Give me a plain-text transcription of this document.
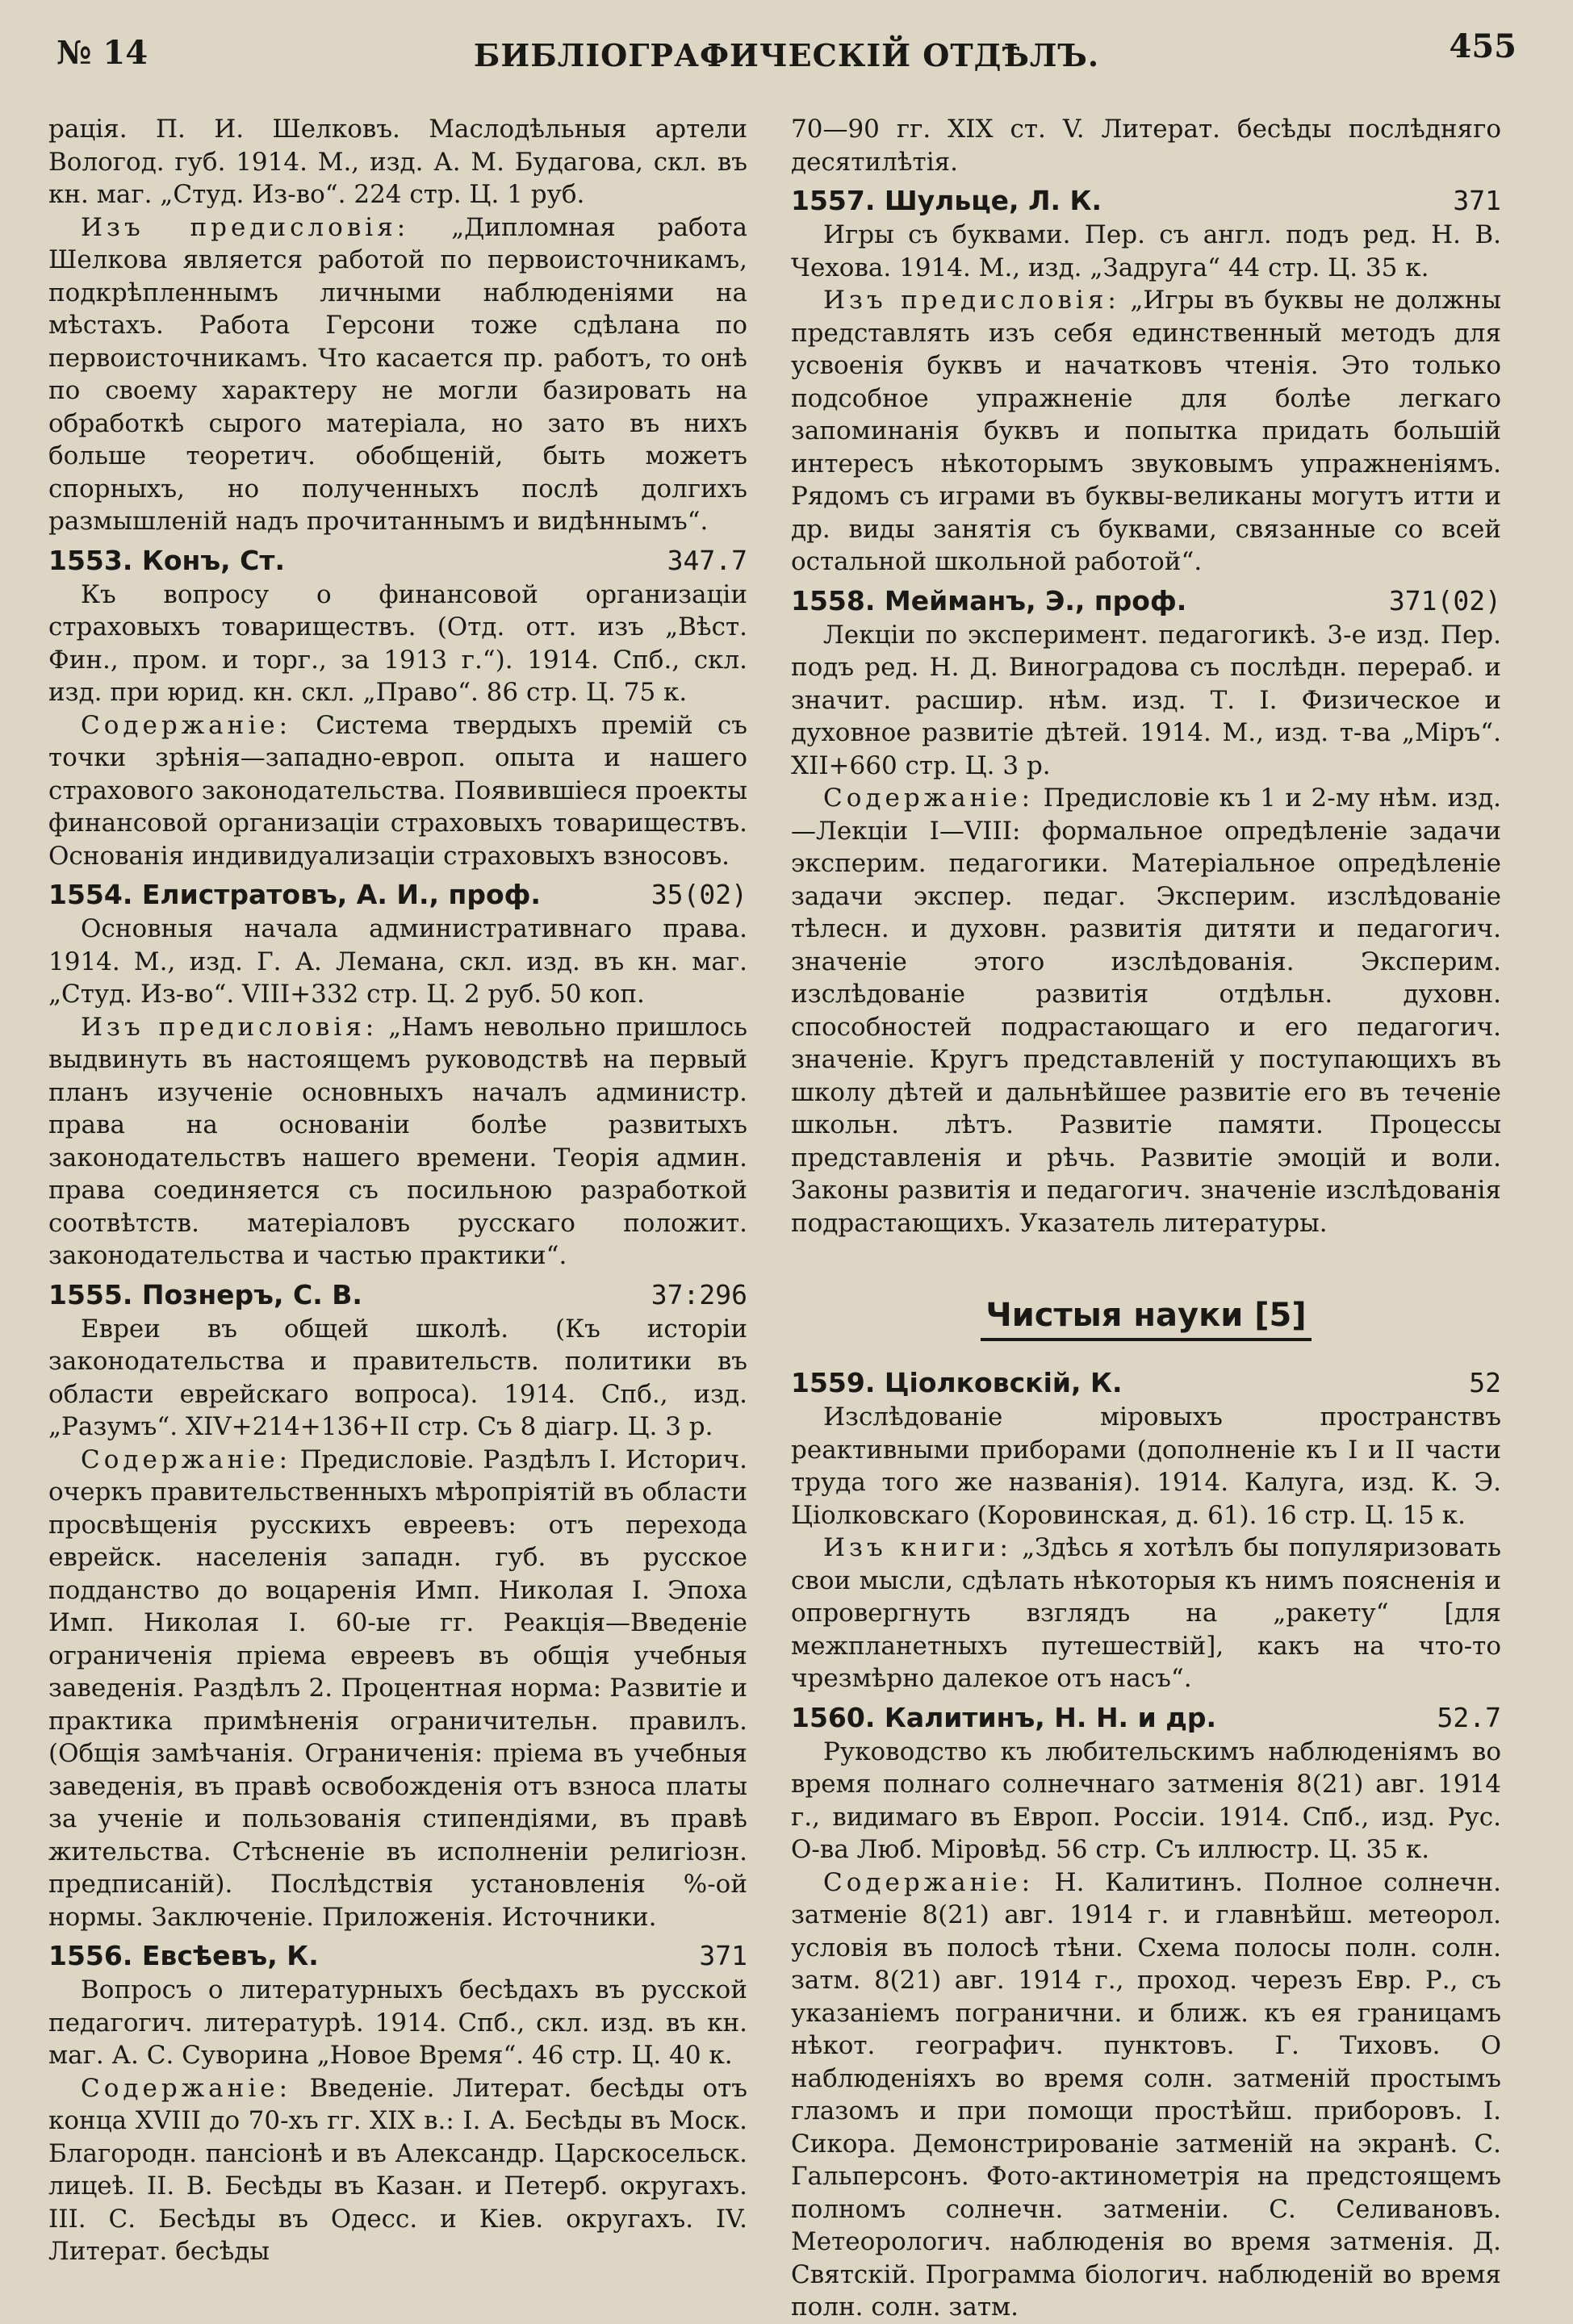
№ 14	БИБЛIОГРАФИЧЕСКIЙ ОТДѢЛЪ.	455

рація. П. И. Шелковъ. Маслодѣльныя артели Вологод. губ. 1914. М., изд. А. М. Будагова, скл. въ кн. маг. „Студ. Из-во“. 224 стр. Ц. 1 руб.

Изъ предисловія: „Дипломная работа Шелкова является работой по первоисточникамъ, подкрѣпленнымъ личными наблюденіями на мѣстахъ. Работа Герсони тоже сдѣлана по первоисточникамъ. Что касается пр. работъ, то онѣ по своему характеру не могли базировать на обработкѣ сырого матеріала, но зато въ нихъ больше теоретич. обобщеній, быть можетъ спорныхъ, но полученныхъ послѣ долгихъ размышленій надъ прочитаннымъ и видѣннымъ“.

1553. Конъ, Ст.	347.7

Къ вопросу о финансовой организаціи страховыхъ товариществъ. (Отд. отт. изъ „Вѣст. Фин., пром. и торг., за 1913 г.“). 1914. Спб., скл. изд. при юрид. кн. скл. „Право“. 86 стр. Ц. 75 к.

Содержаніе: Система твердыхъ премій съ точки зрѣнія—западно-европ. опыта и нашего страхового законодательства. Появившіеся проекты финансовой организаціи страховыхъ товариществъ. Основанія индивидуализаціи страховыхъ взносовъ.

1554. Елистратовъ, А. И., проф.	35(02)

Основныя начала административнаго права. 1914. М., изд. Г. А. Лемана, скл. изд. въ кн. маг. „Студ. Из-во“. VIII+332 стр. Ц. 2 руб. 50 коп.

Изъ предисловія: „Намъ невольно пришлось выдвинуть въ настоящемъ руководствѣ на первый планъ изученіе основныхъ началъ администр. права на основаніи болѣе развитыхъ законодательствъ нашего времени. Теорія админ. права соединяется съ посильною разработкой соотвѣтств. матеріаловъ русскаго положит. законодательства и частью практики“.

1555. Познеръ, С. В.	37:296

Евреи въ общей школѣ. (Къ исторіи законодательства и правительств. политики въ области еврейскаго вопроса). 1914. Спб., изд. „Разумъ“. XIV+214+136+II стр. Съ 8 діагр. Ц. 3 р.

Содержаніе: Предисловіе. Раздѣлъ I. Историч. очеркъ правительственныхъ мѣропріятій въ области просвѣщенія русскихъ евреевъ: отъ перехода еврейск. населенія западн. губ. въ русское подданство до воцаренія Имп. Николая I. Эпоха Имп. Николая I. 60-ые гг. Реакція—Введеніе ограниченія пріема евреевъ въ общія учебныя заведенія. Раздѣлъ 2. Процентная норма: Развитіе и практика примѣненія ограничительн. правилъ. (Общія замѣчанія. Ограниченія: пріема въ учебныя заведенія, въ правѣ освобожденія отъ взноса платы за ученіе и пользованія стипендіями, въ правѣ жительства. Стѣсненіе въ исполненіи религіозн. предписаній). Послѣдствія установленія %-ой нормы. Заключеніе. Приложенія. Источники.

1556. Евсѣевъ, К.	371

Вопросъ о литературныхъ бесѣдахъ въ русской педагогич. литературѣ. 1914. Спб., скл. изд. въ кн. маг. А. С. Суворина „Новое Время“. 46 стр. Ц. 40 к.

Содержаніе: Введеніе. Литерат. бесѣды отъ конца XVIII до 70-хъ гг. XIX в.: I. А. Бесѣды въ Моск. Благородн. пансіонѣ и въ Александр. Царскосельск. лицеѣ. II. В. Бесѣды въ Казан. и Петерб. округахъ. III. С. Бесѣды въ Одесс. и Кіев. округахъ. IV. Литерат. бесѣды

70—90 гг. XIX ст. V. Литерат. бесѣды послѣдняго десятилѣтія.

1557. Шульце, Л. К.	371

Игры съ буквами. Пер. съ англ. подъ ред. Н. В. Чехова. 1914. М., изд. „Задруга“ 44 стр. Ц. 35 к.

Изъ предисловія: „Игры въ буквы не должны представлять изъ себя единственный методъ для усвоенія буквъ и начатковъ чтенія. Это только подсобное упражненіе для болѣе легкаго запоминанія буквъ и попытка придать большій интересъ нѣкоторымъ звуковымъ упражненіямъ. Рядомъ съ играми въ буквы-великаны могутъ итти и др. виды занятія съ буквами, связанные со всей остальной школьной работой“.

1558. Мейманъ, Э., проф.	371(02)

Лекціи по эксперимент. педагогикѣ. 3-е изд. Пер. подъ ред. Н. Д. Виноградова съ послѣдн. перераб. и значит. расшир. нѣм. изд. Т. I. Физическое и духовное развитіе дѣтей. 1914. М., изд. т-ва „Міръ“. XII+660 стр. Ц. 3 р.

Содержаніе: Предисловіе къ 1 и 2-му нѣм. изд.—Лекціи I—VIII: формальное опредѣленіе задачи эксперим. педагогики. Матеріальное опредѣленіе задачи экспер. педаг. Эксперим. изслѣдованіе тѣлесн. и духовн. развитія дитяти и педагогич. значеніе этого изслѣдованія. Эксперим. изслѣдованіе развитія отдѣльн. духовн. способностей подрастающаго и его педагогич. значеніе. Кругъ представленій у поступающихъ въ школу дѣтей и дальнѣйшее развитіе его въ теченіе школьн. лѣтъ. Развитіе памяти. Процессы представленія и рѣчь. Развитіе эмоцій и воли. Законы развитія и педагогич. значеніе изслѣдованія подрастающихъ. Указатель литературы.

Чистыя науки [5]
1559. Ціолковскій, К.	52

Изслѣдованіе міровыхъ пространствъ реактивными приборами (дополненіе къ I и II части труда того же названія). 1914. Калуга, изд. К. Э. Ціолковскаго (Коровинская, д. 61). 16 стр. Ц. 15 к.

Изъ книги: „Здѣсь я хотѣлъ бы популяризовать свои мысли, сдѣлать нѣкоторыя къ нимъ поясненія и опровергнуть взглядъ на „ракету“ [для межпланетныхъ путешествій], какъ на что-то чрезмѣрно далекое отъ насъ“.

1560. Калитинъ, Н. Н. и др.	52.7

Руководство къ любительскимъ наблюденіямъ во время полнаго солнечнаго затменія 8(21) авг. 1914 г., видимаго въ Европ. Россіи. 1914. Спб., изд. Рус. О-ва Люб. Міровѣд. 56 стр. Съ иллюстр. Ц. 35 к.

Содержаніе: Н. Калитинъ. Полное солнечн. затменіе 8(21) авг. 1914 г. и главнѣйш. метеорол. условія въ полосѣ тѣни. Схема полосы полн. солн. затм. 8(21) авг. 1914 г., проход. черезъ Евр. Р., съ указаніемъ погранични. и ближ. къ ея границамъ нѣкот. географич. пунктовъ. Г. Тиховъ. О наблюденіяхъ во время солн. затменій простымъ глазомъ и при помощи простѣйш. приборовъ. I. Сикора. Демонстрированіе затменій на экранѣ. С. Гальперсонъ. Фото-актинометрія на предстоящемъ полномъ солнечн. затменіи. С. Селивановъ. Метеорологич. наблюденія во время затменія. Д. Святскій. Программа біологич. наблюденій во время полн. солн. затм.
